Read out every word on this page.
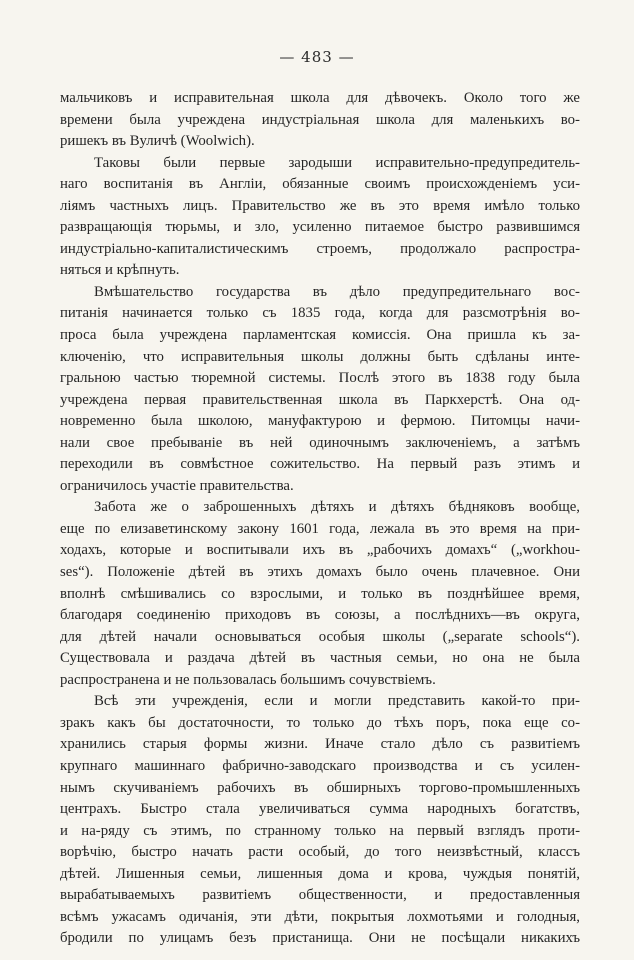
— 483 —
мальчиковъ и исправительная школа для дѣвочекъ. Около того же
времени была учреждена индустріальная школа для маленькихъ во-
ришекъ въ Вуличѣ (Woolwich).
Таковы были первые зародыши исправительно-предупредитель-
наго воспитанія въ Англіи, обязанные своимъ происхожденіемъ уси-
ліямъ частныхъ лицъ. Правительство же въ это время имѣло только
развращающія тюрьмы, и зло, усиленно питаемое быстро развившимся
индустріально-капиталистическимъ строемъ, продолжало распростра-
няться и крѣпнуть.
Вмѣшательство государства въ дѣло предупредительнаго вос-
питанія начинается только съ 1835 года, когда для разсмотрѣнія во-
проса была учреждена парламентская комиссія. Она пришла къ за-
ключенію, что исправительныя школы должны быть сдѣланы инте-
гральною частью тюремной системы. Послѣ этого въ 1838 году была
учреждена первая правительственная школа въ Паркхерстѣ. Она од-
новременно была школою, мануфактурою и фермою. Питомцы начи-
нали свое пребываніе въ ней одиночнымъ заключеніемъ, а затѣмъ
переходили въ совмѣстное сожительство. На первый разъ этимъ и
ограничилось участіе правительства.
Забота же о заброшенныхъ дѣтяхъ и дѣтяхъ бѣдняковъ вообще,
еще по елизаветинскому закону 1601 года, лежала въ это время на при-
ходахъ, которые и воспитывали ихъ въ „рабочихъ домахъ“ („workhou-
ses“). Положеніе дѣтей въ этихъ домахъ было очень плачевное. Они
вполнѣ смѣшивались со взрослыми, и только въ позднѣйшее время,
благодаря соединенію приходовъ въ союзы, а послѣднихъ—въ округа,
для дѣтей начали основываться особыя школы („separate schools“).
Существовала и раздача дѣтей въ частныя семьи, но она не была
распространена и не пользовалась большимъ сочувствіемъ.
Всѣ эти учрежденія, если и могли представить какой-то при-
зракъ какъ бы достаточности, то только до тѣхъ поръ, пока еще со-
хранились старыя формы жизни. Иначе стало дѣло съ развитіемъ
крупнаго машиннаго фабрично-заводскаго производства и съ усилен-
нымъ скучиваніемъ рабочихъ въ обширныхъ торгово-промышленныхъ
центрахъ. Быстро стала увеличиваться сумма народныхъ богатствъ,
и на-ряду съ этимъ, по странному только на первый взглядъ проти-
ворѣчію, быстро начать расти особый, до того неизвѣстный, классъ
дѣтей. Лишенныя семьи, лишенныя дома и крова, чуждыя понятій,
вырабатываемыхъ развитіемъ общественности, и предоставленныя
всѣмъ ужасамъ одичанія, эти дѣти, покрытыя лохмотьями и голодныя,
бродили по улицамъ безъ пристанища. Они не посѣщали никакихъ
